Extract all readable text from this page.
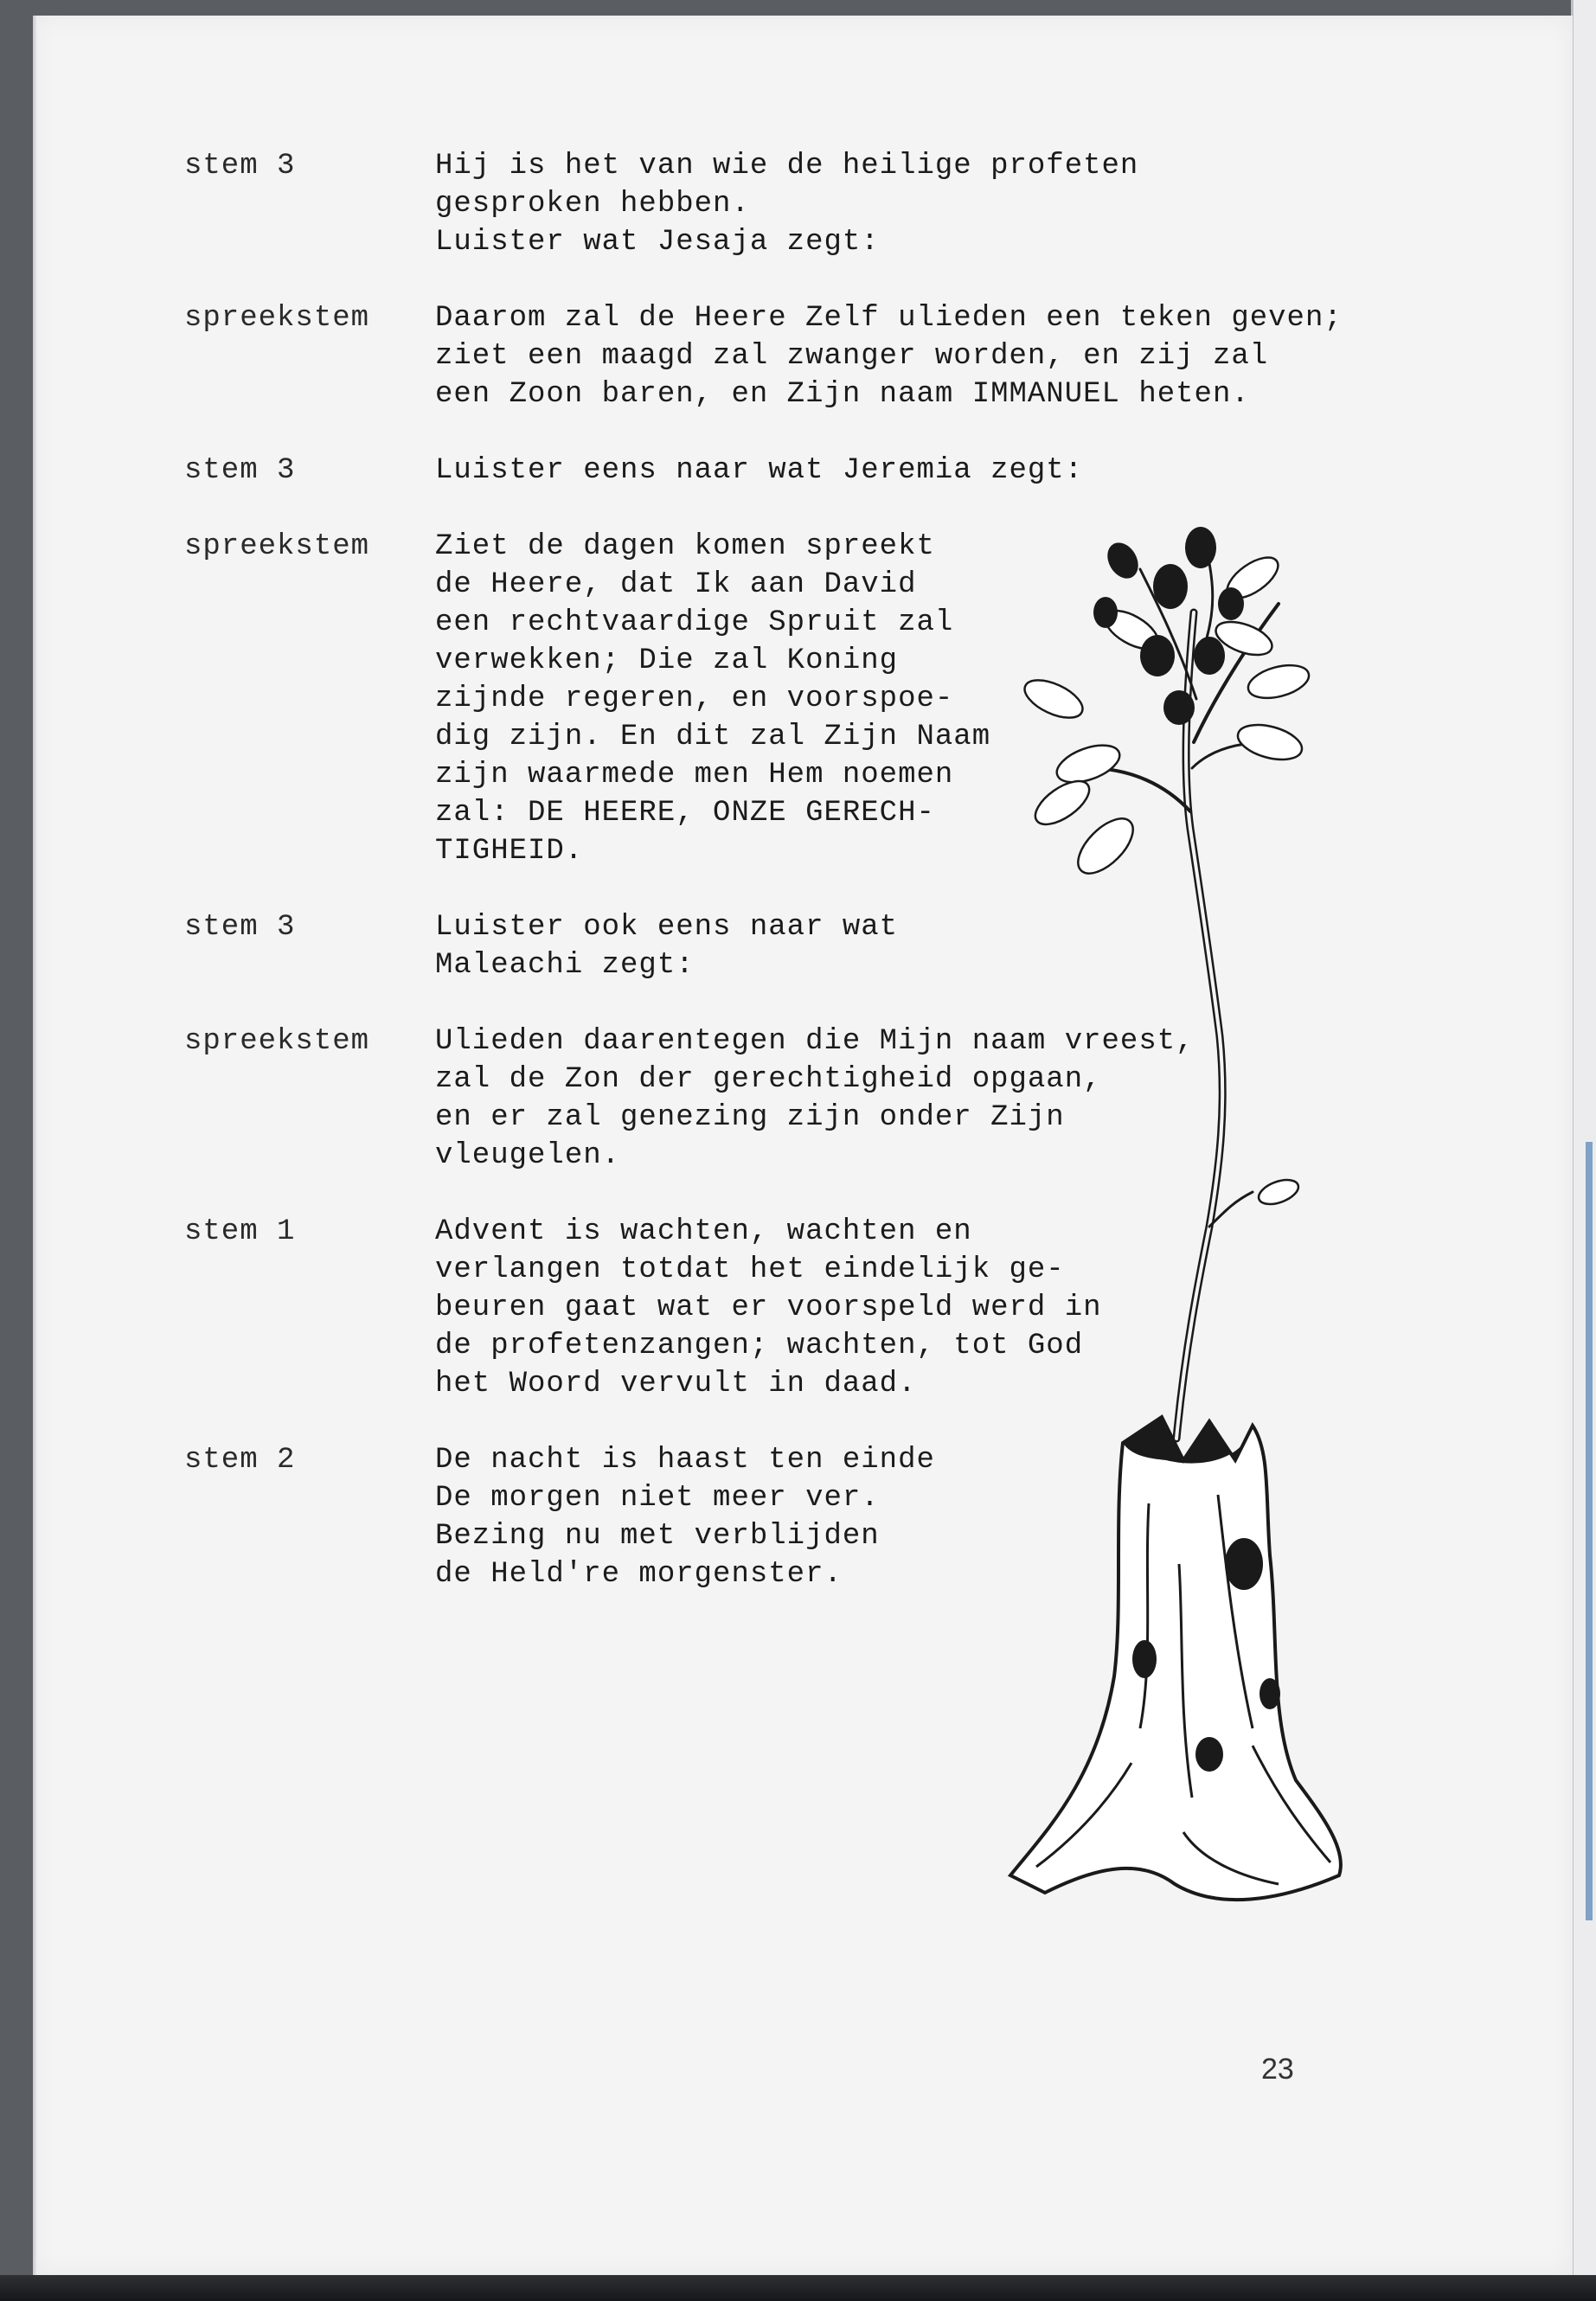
stem 3	Hij is het van wie de heilige profeten
gesproken hebben.
Luister wat Jesaja zegt:
spreekstem Daarom zal de Heere Zelf ulieden een teken geven;
ziet een maagd zal zwanger worden, en zij zal
een Zoon baren, en Zijn naam IMMANUEL heten.
stem 3	Luister eens naar wat Jeremia zegt:
spreekstem Ziet de dagen komen spreekt
de Heere, dat Ik aan David
een rechtvaardige Spruit zal
verwekken; Die zal Koning
zijnde regeren, en voorspoe-
dig zijn. En dit zal Zijn Naam
zijn waarmede men Hem noemen
zal: DE HEERE, ONZE GERECH-
TIGHEID.
stem 3	Luister ook eens naar wat
Maleachi zegt:
spreekstem Ulieden daarentegen die Mijn naam vreest,
zal de Zon der gerechtigheid opgaan,
en er zal genezing zijn onder Zijn
vleugelen.
stem 1	Advent is wachten, wachten en
verlangen totdat het eindelijk ge-
beuren gaat wat er voorspeld werd in
de profetenzangen; wachten, tot God
het Woord vervult in daad.
stem 2	De nacht is haast ten einde
De morgen niet meer ver.
Bezing nu met verblijden
de Held're morgenster.
23
